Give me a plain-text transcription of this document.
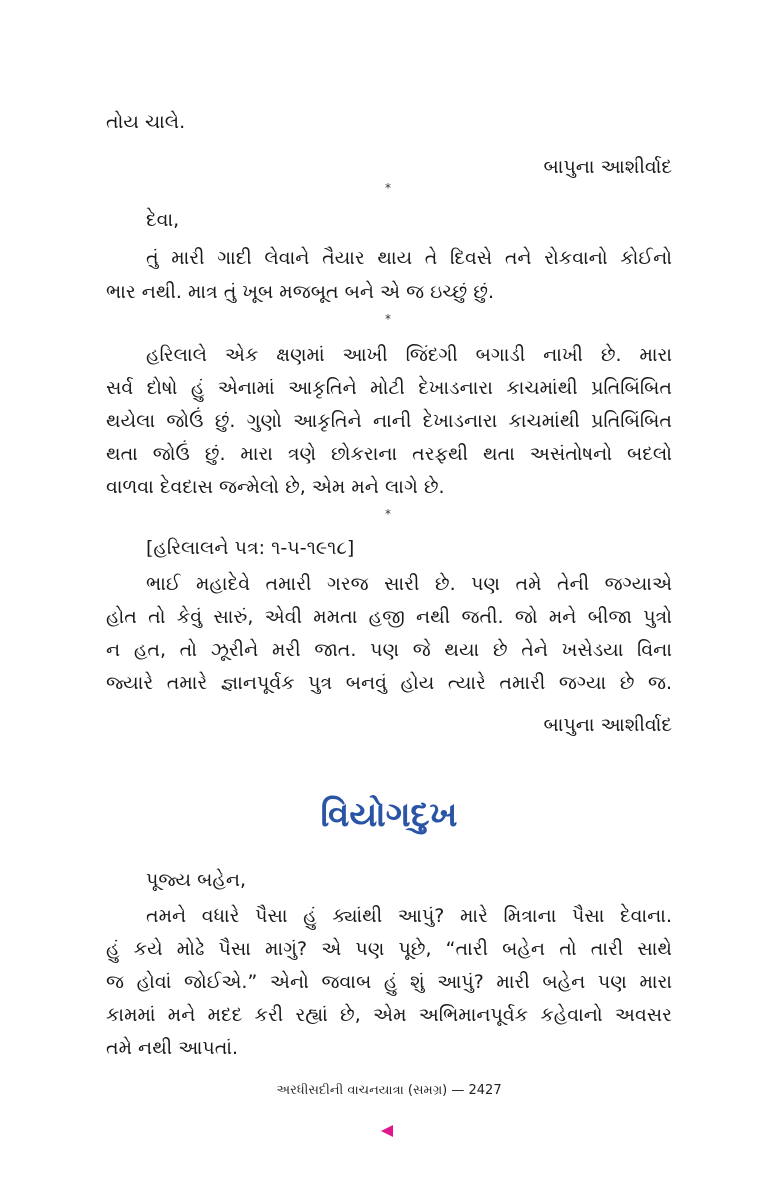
તોય ચાલે.
બાપુના આશીર્વાદ
*
દેવા,
તું મારી ગાદી લેવાને તૈયાર થાય તે દિવસે તને રોકવાનો કોઈનો
ભાર નથી. માત્ર તું ખૂબ મજબૂત બને એ જ ઇચ્છું છું.
*
હરિલાલે એક ક્ષણમાં આખી જિંદગી બગાડી નાખી છે. મારા
સર્વ દોષો હું એનામાં આકૃતિને મોટી દેખાડનારા કાચમાંથી પ્રતિબિંબિત
થયેલા જોઉં છું. ગુણો આકૃતિને નાની દેખાડનારા કાચમાંથી પ્રતિબિંબિત
થતા જોઉં છું. મારા ત્રણે છોકરાના તરફથી થતા અસંતોષનો બદલો
વાળવા દેવદાસ જન્મેલો છે, એમ મને લાગે છે.
*
[હરિલાલને પત્ર: ૧-૫-૧૯૧૮]
ભાઈ મહાદેવે તમારી ગરજ સારી છે. પણ તમે તેની જગ્યાએ
હોત તો કેવું સારું, એવી મમતા હજી નથી જતી. જો મને બીજા પુત્રો
ન હત, તો ઝૂરીને મરી જાત. પણ જે થયા છે તેને ખસેડયા વિના
જ્યારે તમારે જ્ઞાનપૂર્વક પુત્ર બનવું હોય ત્યારે તમારી જગ્યા છે જ.
બાપુના આશીર્વાદ
વિયોગદુખ
પૂજ્ય બહેન,
તમને વધારે પૈસા હું ક્યાંથી આપું? મારે મિત્રાના પૈસા દેવાના.
હું કયે મોઢે પૈસા માગું? એ પણ પૂછે, “તારી બહેન તો તારી સાથે
જ હોવાં જોઈએ.” એનો જવાબ હું શું આપું? મારી બહેન પણ મારા
કામમાં મને મદદ કરી રહ્યાં છે, એમ અભિમાનપૂર્વક કહેવાનો અવસર
તમે નથી આપતાં.
અરધીસદીની વાચનયાત્રા (સમગ્ર) — 2427
